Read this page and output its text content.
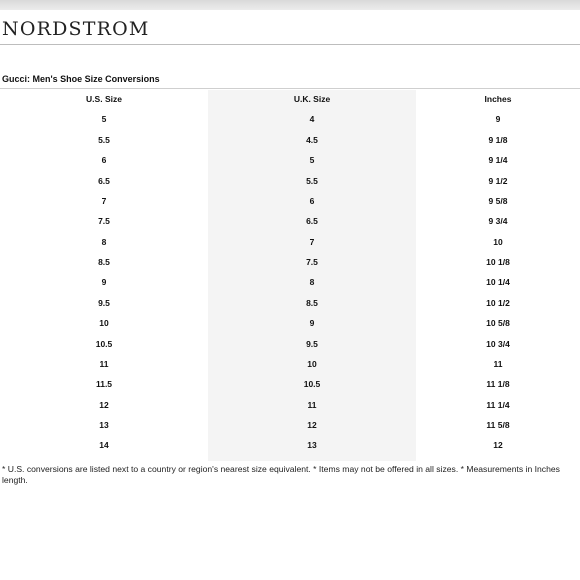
NORDSTROM
Gucci: Men's Shoe Size Conversions
U.S. Size	U.K. Size	Inches
5	4	9
5.5	4.5	9 1/8
6	5	9 1/4
6.5	5.5	9 1/2
7	6	9 5/8
7.5	6.5	9 3/4
8	7	10
8.5	7.5	10 1/8
9	8	10 1/4
9.5	8.5	10 1/2
10	9	10 5/8
10.5	9.5	10 3/4
11	10	11
11.5	10.5	11 1/8
12	11	11 1/4
13	12	11 5/8
14	13	12
* U.S. conversions are listed next to a country or region's nearest size equivalent. * Items may not be offered in all sizes. * Measurements in Inches length.
